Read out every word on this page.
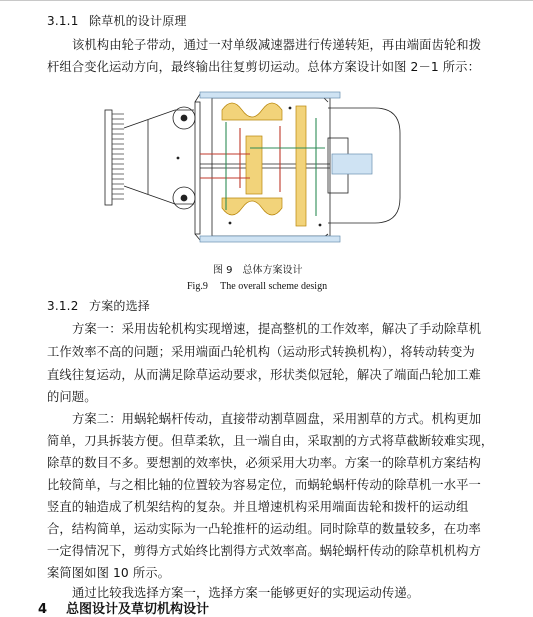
3.1.1 除草机的设计原理
该机构由轮子带动，通过一对单级减速器进行传递转矩，再由端面齿轮和拨
杆组合变化运动方向，最终输出往复剪切运动。总体方案设计如图 2－1 所示：
图 9　总体方案设计
Fig.9　 The overall scheme design
3.1.2 方案的选择
方案一：采用齿轮机构实现增速，提高整机的工作效率，解决了手动除草机
工作效率不高的问题；采用端面凸轮机构（运动形式转换机构），将转动转变为
直线往复运动，从而满足除草运动要求，形状类似冠轮，解决了端面凸轮加工难
的问题。
方案二：用蜗轮蜗杆传动，直接带动割草圆盘，采用割草的方式。机构更加
简单，刀具拆装方便。但草柔软，且一端自由，采取割的方式将草截断较难实现，
除草的数目不多。要想割的效率快，必须采用大功率。方案一的除草机方案结构
比较简单，与之相比轴的位置较为容易定位，而蜗轮蜗杆传动的除草机一水平一
竖直的轴造成了机架结构的复杂。并且增速机构采用端面齿轮和拨杆的运动组
合，结构简单，运动实际为一凸轮推杆的运动组。同时除草的数量较多，在功率
一定得情况下，剪得方式始终比割得方式效率高。蜗轮蜗杆传动的除草机机构方
案简图如图 10 所示。
通过比较我选择方案一，选择方案一能够更好的实现运动传递。
4 总图设计及草切机构设计
